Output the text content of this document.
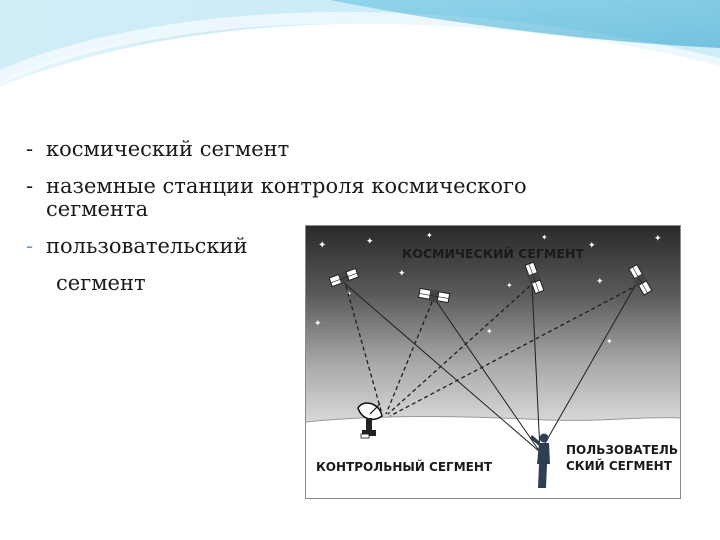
Состав системы:
- космический сегмент
- наземные станции контроля космического
сегмента
- пользовательский
сегмент
✦	✦
✦	✦
✦
✦
✦
✦	✦
✦
✦
✦
✦
КОСМИЧЕСКИЙ СЕГМЕНТ
КОНТРОЛЬНЫЙ СЕГМЕНТ
ПОЛЬЗОВАТЕЛЬ
СКИЙ СЕГМЕНТ
